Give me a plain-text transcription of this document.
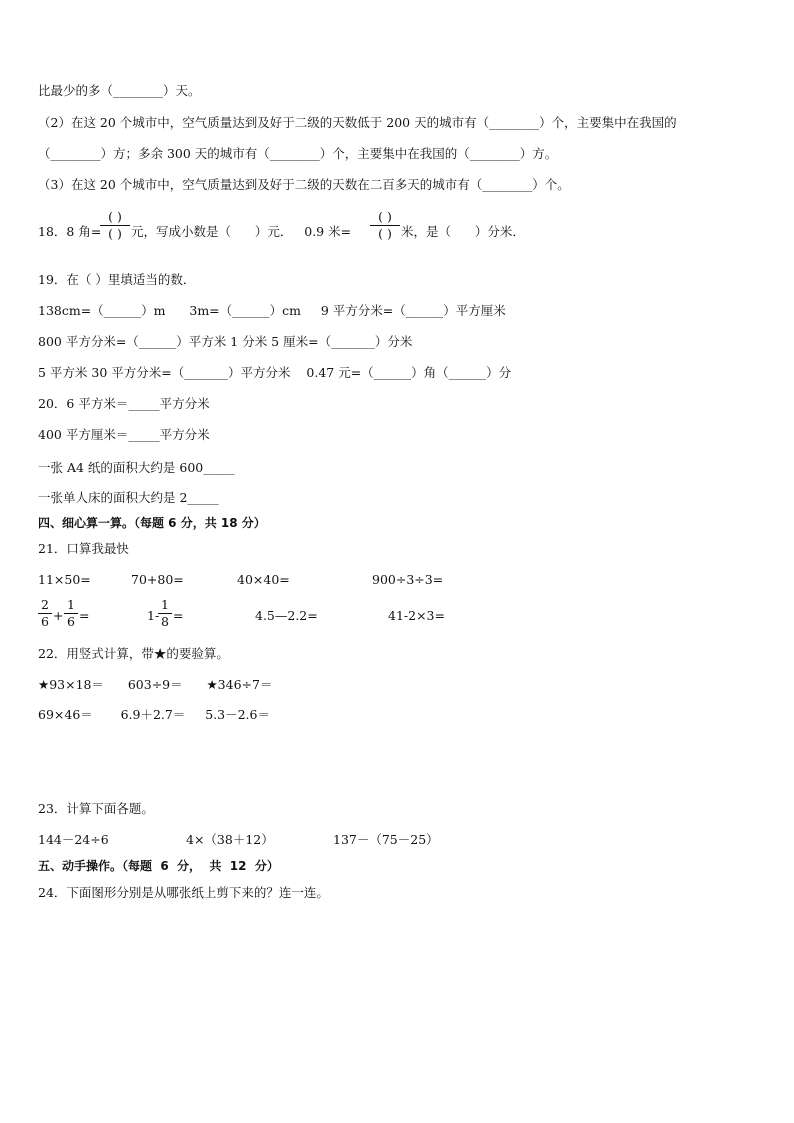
比最少的多（________）天。
（2）在这 20 个城市中，空气质量达到及好于二级的天数低于 200 天的城市有（________）个，主要集中在我国的
（________）方；多余 300 天的城市有（________）个，主要集中在我国的（________）方。
（3）在这 20 个城市中，空气质量达到及好于二级的天数在二百多天的城市有（________）个。
18．8 角=
( )
( ) 元，写成小数是（      ）元．   0.9 米=
( )
( ) 米，是（      ）分米．
19．在（ ）里填适当的数．
138cm=（______）m      3m=（______）cm     9 平方分米=（______）平方厘米
800 平方分米=（______）平方米 1 分米 5 厘米=（_______）分米
5 平方米 30 平方分米=（_______）平方分米    0.47 元=（______）角（______）分
20．6 平方米＝_____平方分米
400 平方厘米＝_____平方分米
一张 A4 纸的面积大约是 600_____
一张单人床的面积大约是 2_____
四、细心算一算。（每题 6 分，共 18 分）
21．口算我最快
11×50=	70+80=	40×40=	900÷3÷3=
2
6 +
1
6 =	1-
1
8 =	4.5—2.2=	41-2×3=
22．用竖式计算，带★的要验算。
★93×18＝      603÷9＝      ★346÷7＝
69×46＝       6.9＋2.7＝     5.3－2.6＝
23．计算下面各题。
144－24÷6	4×（38＋12）	137－（75－25）
五、动手操作。（每题  6  分，  共  12  分）
24．下面图形分别是从哪张纸上剪下来的？连一连。
